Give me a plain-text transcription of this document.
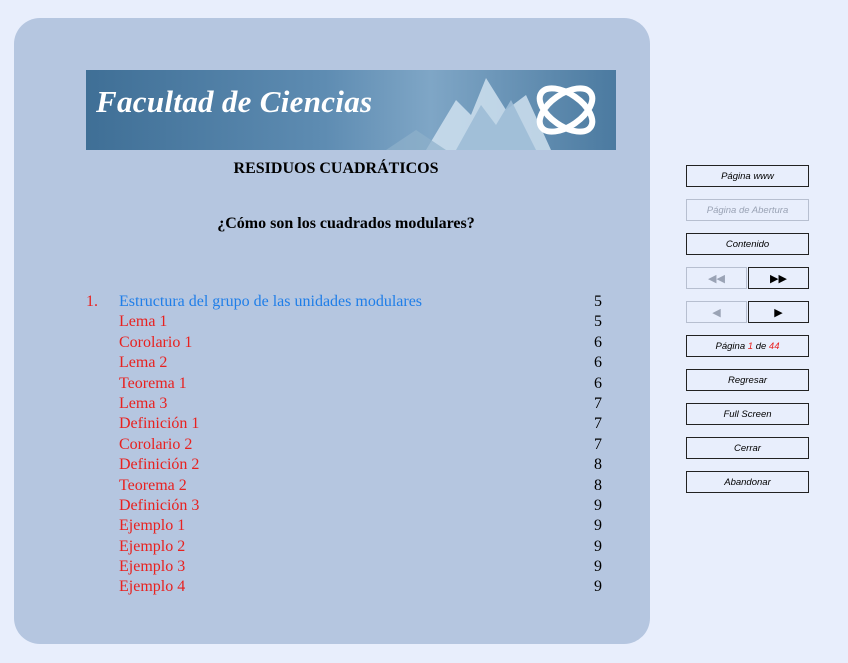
Facultad de Ciencias
RESIDUOS CUADRÁTICOS
¿Cómo son los cuadrados modulares?
1. Estructura del grupo de las unidades modulares	5
Lema 1	5
Corolario 1	6
Lema 2	6
Teorema 1	6
Lema 3	7
Definición 1	7
Corolario 2	7
Definición 2	8
Teorema 2	8
Definición 3	9
Ejemplo 1	9
Ejemplo 2	9
Ejemplo 3	9
Ejemplo 4	9
Página www
Página de Abertura
Contenido
◀◀	▶▶
◀	▶
Página
1
de
44
Regresar
Full Screen
Cerrar
Abandonar
